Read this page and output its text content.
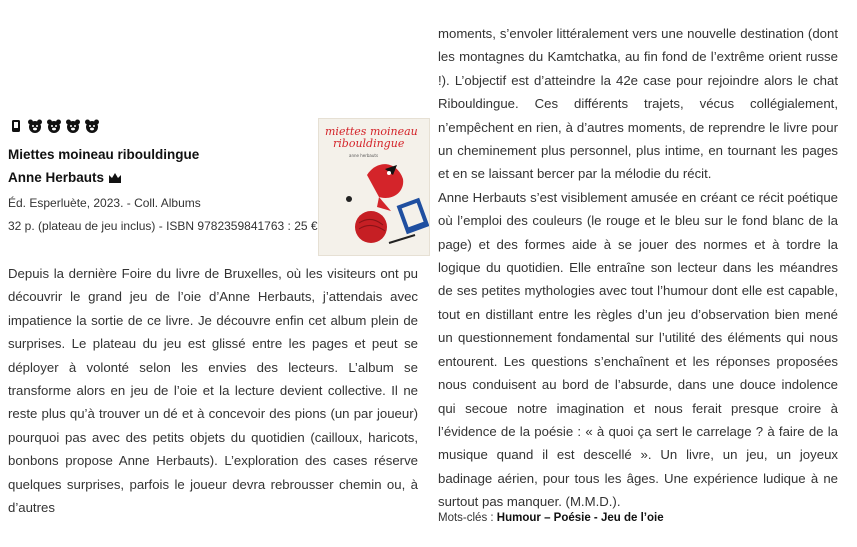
Miettes moineau ribouldingue
Anne Herbauts
Éd. Esperluète, 2023. - Coll. Albums
32 p. (plateau de jeu inclus) - ISBN 9782359841763 : 25 €
miettes moineau
ribouldingue
anne herbauts

Depuis la dernière Foire du livre de Bruxelles, où les visiteurs ont pu découvrir le grand jeu de l’oie d’Anne Herbauts, j’attendais avec impatience la sortie de ce livre. Je découvre enfin cet album plein de surprises. Le plateau du jeu est glissé entre les pages et peut se déployer à volonté selon les envies des lecteurs. L’album se transforme alors en jeu de l’oie et la lecture devient collective. Il ne reste plus qu’à trouver un dé et à concevoir des pions (un par joueur) pourquoi pas avec des petits objets du quotidien (cailloux, haricots, bonbons propose Anne Herbauts). L’exploration des cases réserve quelques surprises, parfois le joueur devra rebrousser chemin ou, à d’autres

moments, s’envoler littéralement vers une nouvelle destination (dont les montagnes du Kamtchatka, au fin fond de l’extrême orient russe !). L’objectif est d’atteindre la 42e case pour rejoindre alors le chat Ribouldingue. Ces différents trajets, vécus collégialement, n’empêchent en rien, à d’autres moments, de reprendre le livre pour un cheminement plus personnel, plus intime, en tournant les pages et en se laissant bercer par la mélodie du récit.

Anne Herbauts s’est visiblement amusée en créant ce récit poétique où l’emploi des couleurs (le rouge et le bleu sur le fond blanc de la page) et des formes aide à se jouer des normes et à tordre la logique du quotidien. Elle entraîne son lecteur dans les méandres de ses petites mythologies avec tout l’humour dont elle est capable, tout en distillant entre les règles d’un jeu d’observation bien mené un questionnement fondamental sur l’utilité des éléments qui nous entourent. Les questions s’enchaînent et les réponses proposées nous conduisent au bord de l’absurde, dans une douce indolence qui secoue notre imagination et nous ferait presque croire à l’évidence de la poésie : « à quoi ça sert le carrelage ? à faire de la musique quand il est descellé ». Un livre, un jeu, un joyeux badinage aérien, pour tous les âges. Une expérience ludique à ne surtout pas manquer. (M.M.D.).

Mots-clés : Humour – Poésie - Jeu de l’oie
